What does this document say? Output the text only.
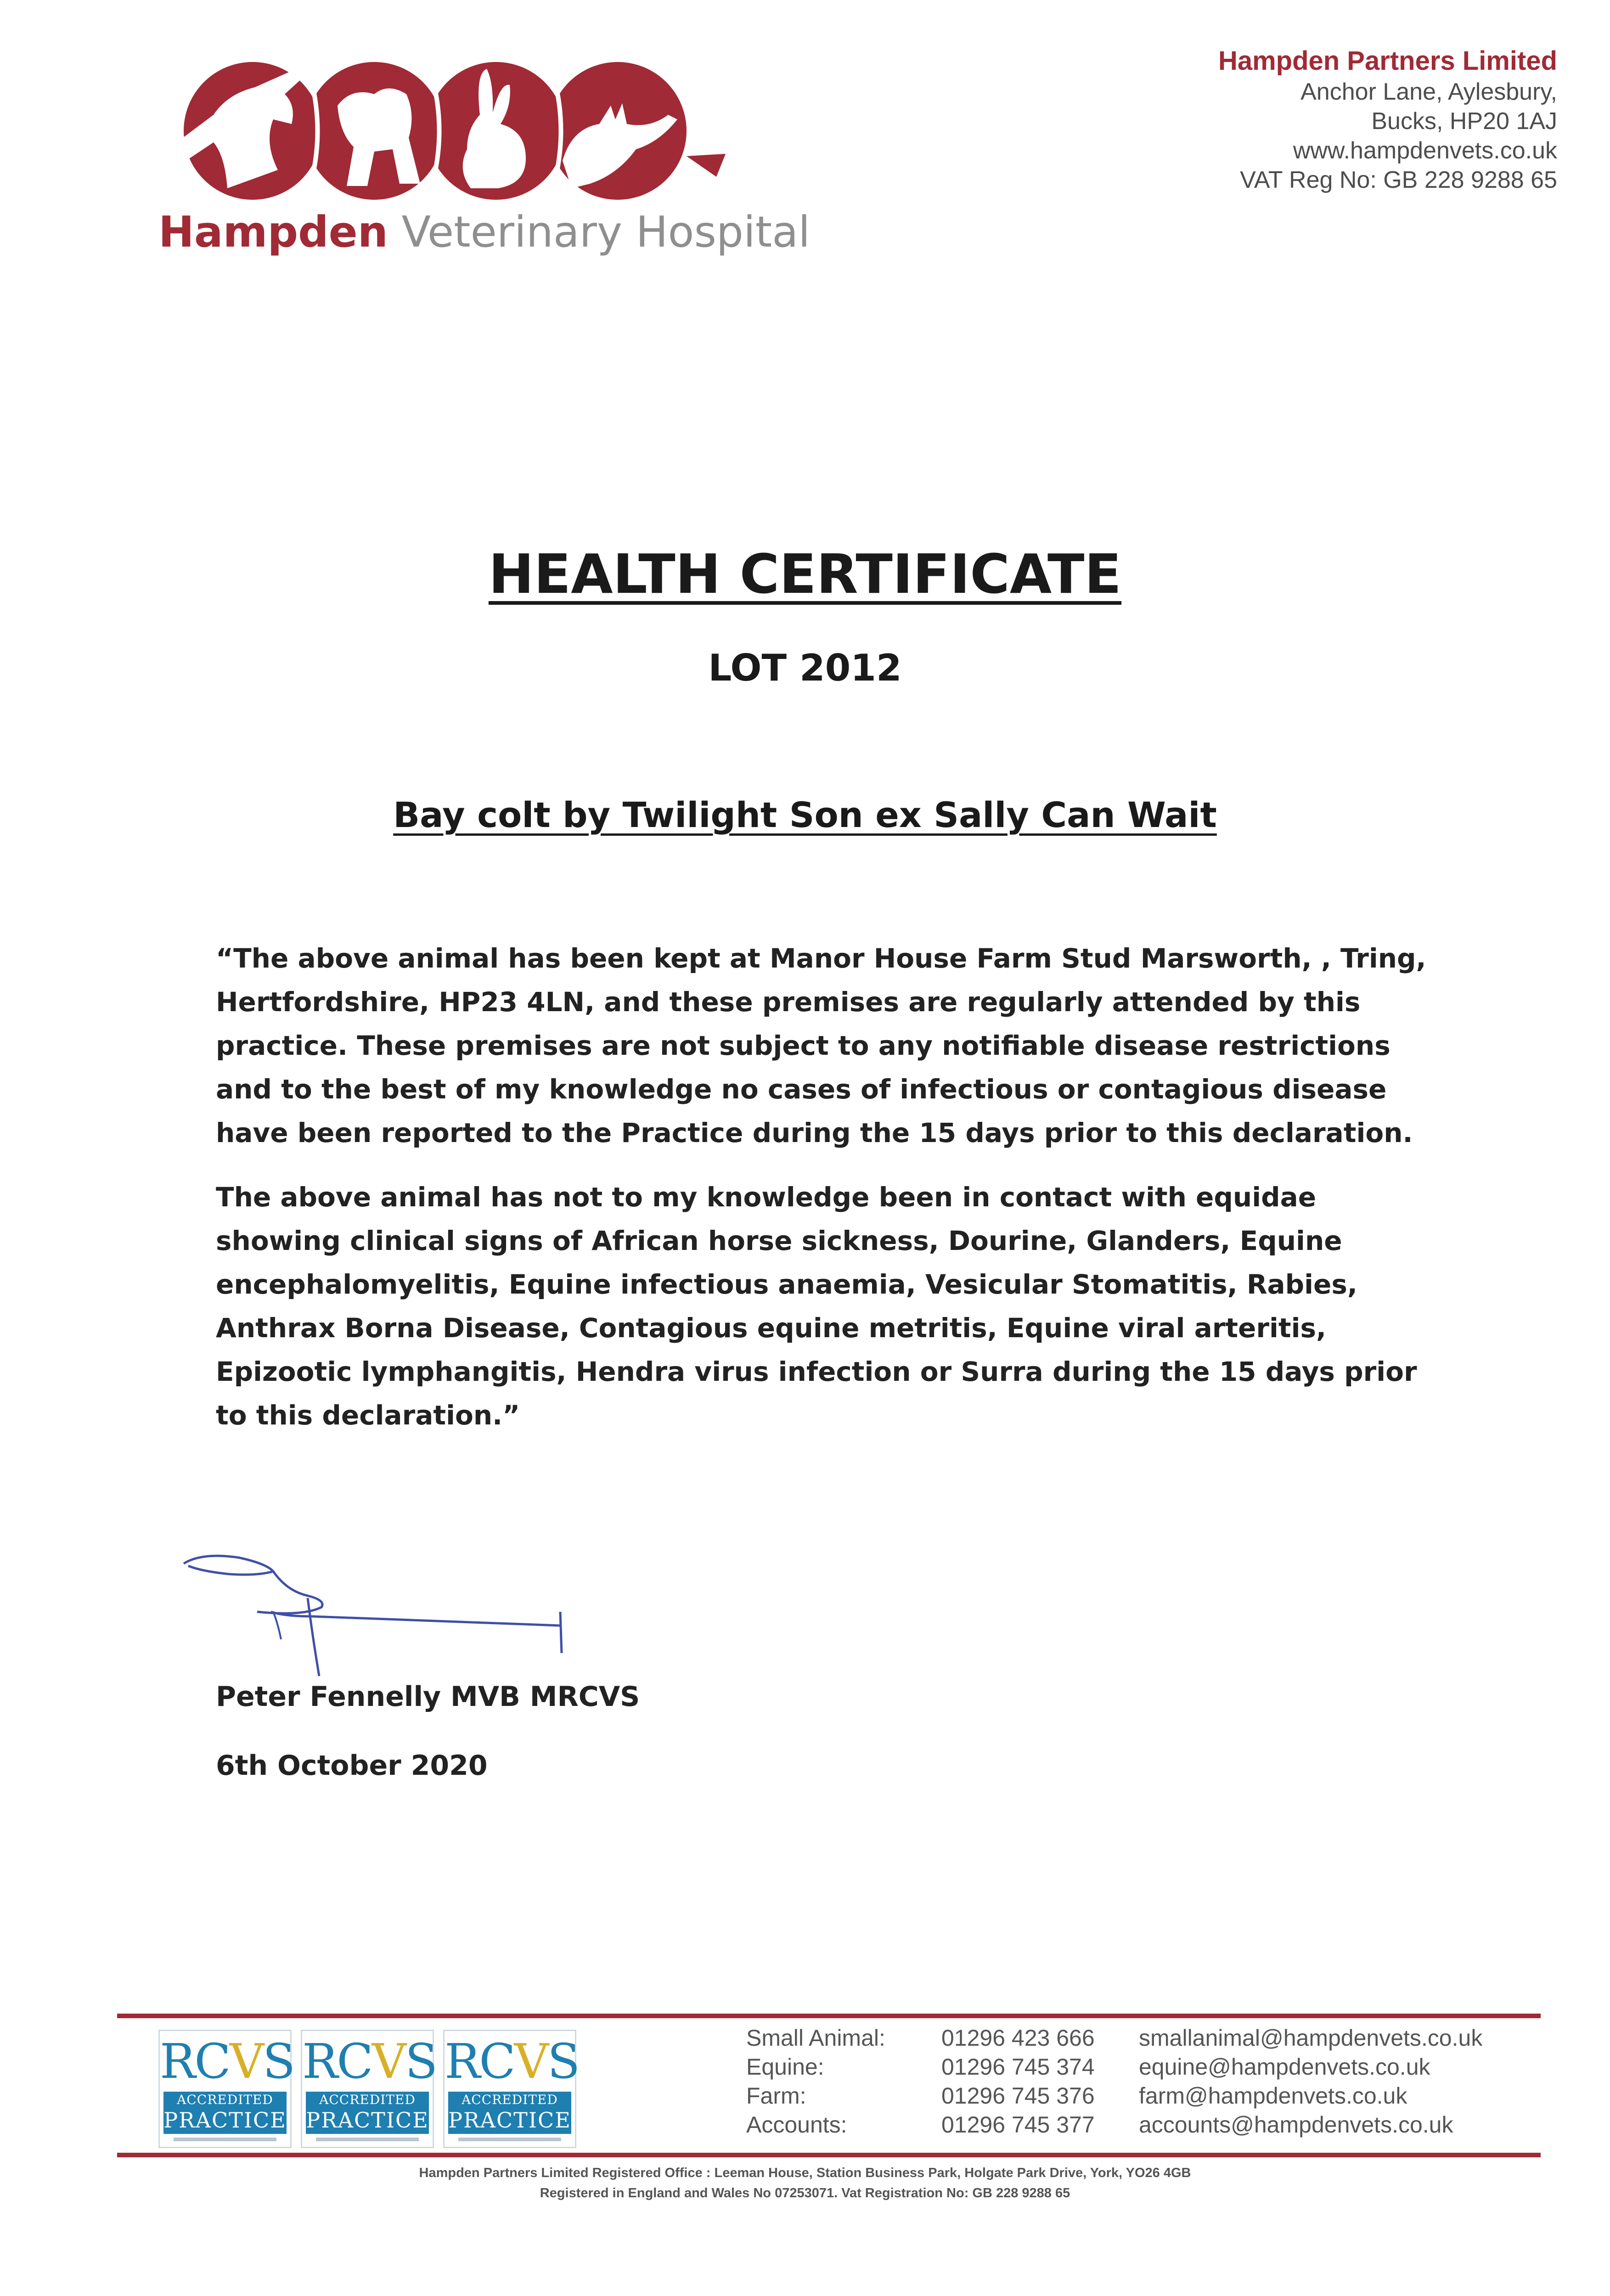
Hampden Veterinary Hospital
Hampden Partners Limited
Anchor Lane, Aylesbury,
Bucks, HP20 1AJ
www.hampdenvets.co.uk
VAT Reg No: GB 228 9288 65
HEALTH CERTIFICATE
LOT 2012
Bay colt by Twilight Son ex Sally Can Wait

“The above animal has been kept at Manor House Farm Stud Marsworth, , Tring, Hertfordshire, HP23 4LN, and these premises are regularly attended by this practice. These premises are not subject to any notifiable disease restrictions and to the best of my knowledge no cases of infectious or contagious disease have been reported to the Practice during the 15 days prior to this declaration.

The above animal has not to my knowledge been in contact with equidae showing clinical signs of African horse sickness, Dourine, Glanders, Equine encephalomyelitis, Equine infectious anaemia, Vesicular Stomatitis, Rabies, Anthrax Borna Disease, Contagious equine metritis, Equine viral arteritis, Epizootic lymphangitis, Hendra virus infection or Surra during the 15 days prior to this declaration.”

Peter Fennelly MVB MRCVS
6th October 2020
RCVS
ACCREDITED
PRACTICE
RCVS
ACCREDITED
PRACTICE
RCVS
ACCREDITED
PRACTICE
Small Animal: 01296 423 666 smallanimal@hampdenvets.co.uk
Equine:	01296 745 374 equine@hampdenvets.co.uk
Farm:	01296 745 376 farm@hampdenvets.co.uk
Accounts:	01296 745 377 accounts@hampdenvets.co.uk
Hampden Partners Limited Registered Office : Leeman House, Station Business Park, Holgate Park Drive, York, YO26 4GB
Registered in England and Wales No 07253071. Vat Registration No: GB 228 9288 65
